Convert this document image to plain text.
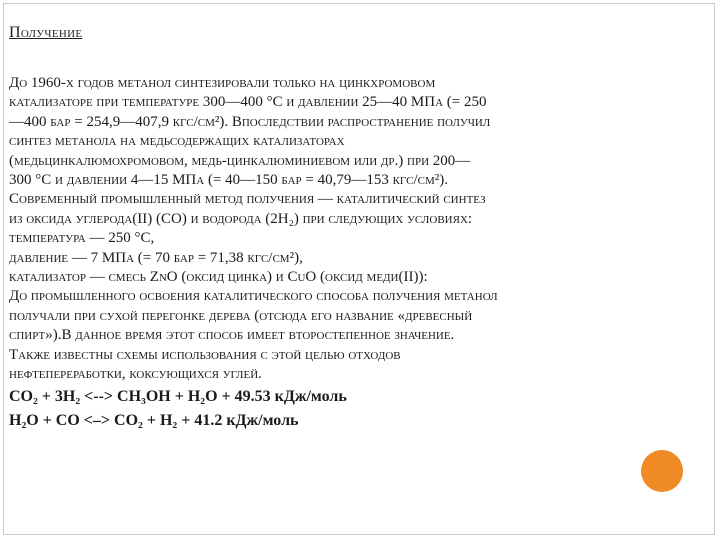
Получение
До 1960-х годов метанол синтезировали только на цинкхромовом
катализаторе при температуре 300—400 °C и давлении 25—40 МПа (= 250
—400 бар = 254,9—407,9 кгс/см²). Впоследствии распространение получил
синтез метанола на медьсодержащих катализаторах
(медьцинкалюмохромовом, медь-цинкалюминиевом или др.) при 200—
300 °C и давлении 4—15 МПа (= 40—150 бар = 40,79—153 кгс/см²).
Современный промышленный метод получения — каталитический синтез
из оксида углерода(II) (CO) и водорода (2H₂) при следующих условиях:
температура — 250 °C,
давление — 7 МПа (= 70 бар = 71,38 кгс/см²),
катализатор — смесь ZnO (оксид цинка) и CuO (оксид меди(II)):
До промышленного освоения каталитического способа получения метанол
получали при сухой перегонке дерева (отсюда его название «древесный
спирт»).В данное время этот способ имеет второстепенное значение.
Также известны схемы использования с этой целью отходов
нефтепереработки, коксующихся углей.
CO₂ + 3H₂ <--> CH₃OH + H₂O + 49.53 кДж/моль
H₂O + CO <–> CO₂ + H₂ + 41.2 кДж/моль
